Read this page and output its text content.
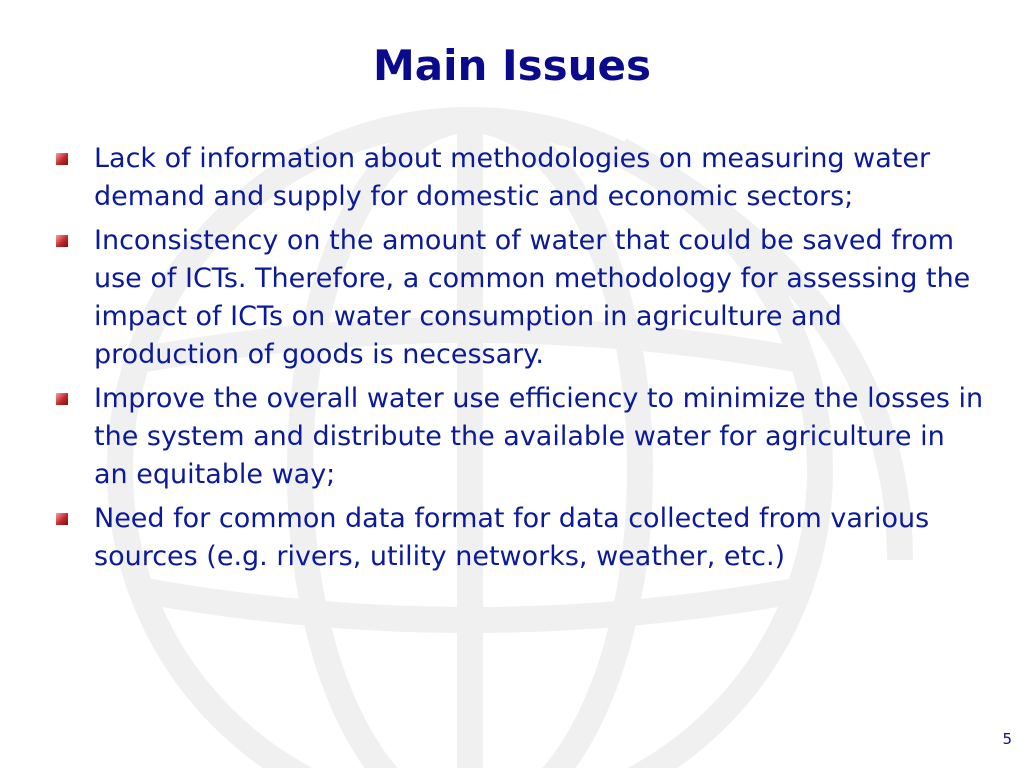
Main Issues
Lack of information about methodologies on measuring water demand and supply for domestic and economic sectors;
Inconsistency on the amount of water that could be saved from use of ICTs. Therefore, a common methodology for assessing the impact of ICTs on water consumption in agriculture and production of goods is necessary.
Improve the overall water use efficiency to minimize the losses in the system and distribute the available water for agriculture in an equitable way;
Need for common data format for data collected from various sources (e.g. rivers, utility networks, weather, etc.)
5
